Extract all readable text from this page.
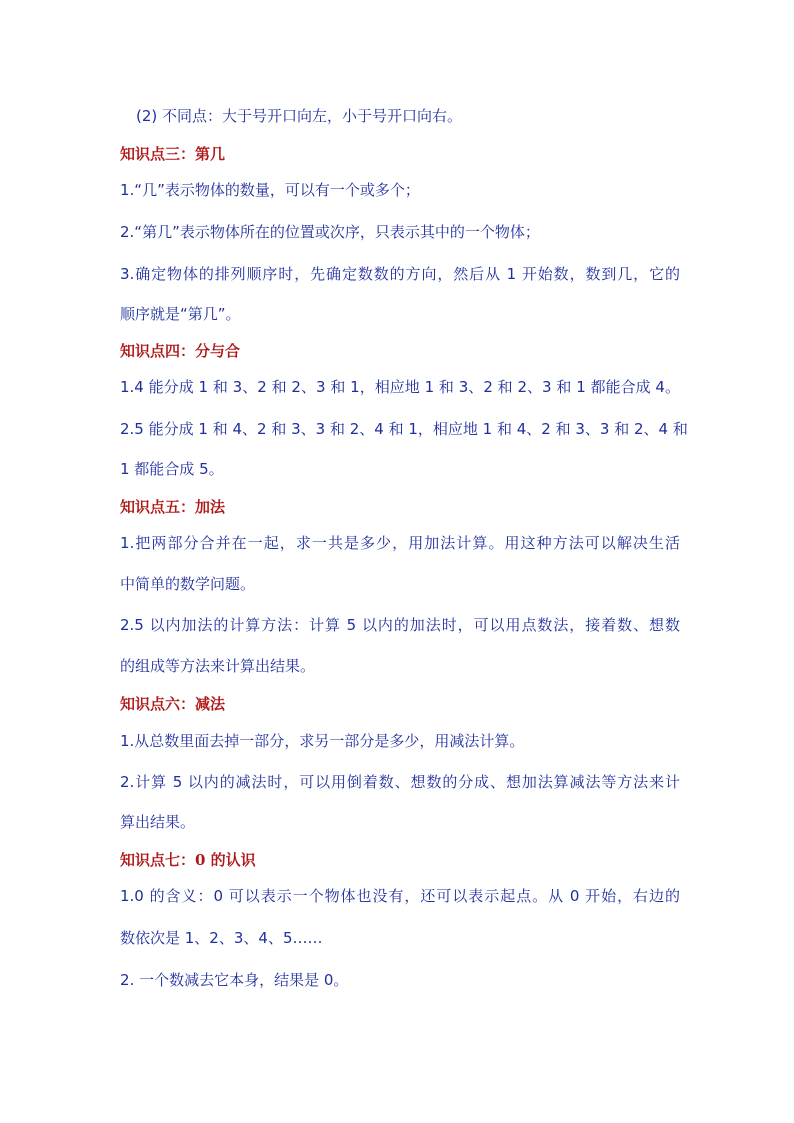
(2) 不同点：大于号开口向左，小于号开口向右。
知识点三：第几
1.“几”表示物体的数量，可以有一个或多个；
2.“第几”表示物体所在的位置或次序，只表示其中的一个物体；
3.确定物体的排列顺序时，先确定数数的方向，然后从 1 开始数，数到几，它的
顺序就是“第几”。
知识点四：分与合
1.4 能分成 1 和 3、2 和 2、3 和 1，相应地 1 和 3、2 和 2、3 和 1 都能合成 4。
2.5 能分成 1 和 4、2 和 3、3 和 2、4 和 1，相应地 1 和 4、2 和 3、3 和 2、4 和
1 都能合成 5。
知识点五：加法
1.把两部分合并在一起，求一共是多少，用加法计算。用这种方法可以解决生活
中简单的数学问题。
2.5 以内加法的计算方法：计算 5 以内的加法时，可以用点数法，接着数、想数
的组成等方法来计算出结果。
知识点六：减法
1.从总数里面去掉一部分，求另一部分是多少，用减法计算。
2.计算 5 以内的减法时，可以用倒着数、想数的分成、想加法算减法等方法来计
算出结果。
知识点七：0 的认识
1.0 的含义：0 可以表示一个物体也没有，还可以表示起点。从 0 开始，右边的
数依次是 1、2、3、4、5……
2. 一个数减去它本身，结果是 0。
